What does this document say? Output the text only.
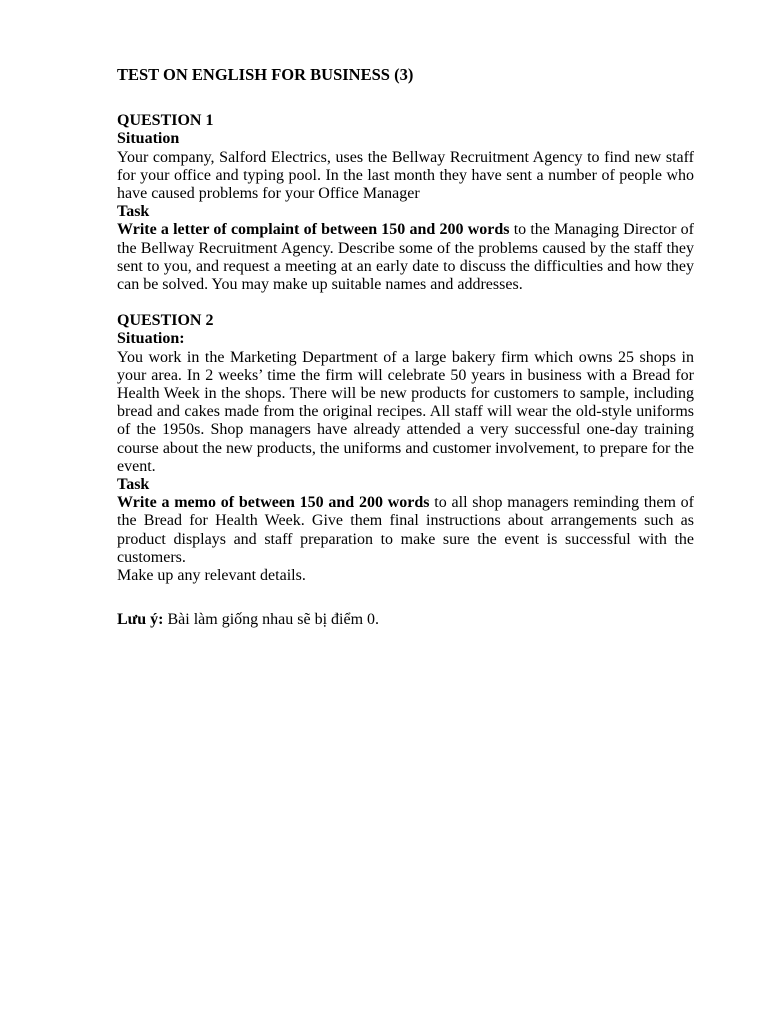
TEST ON ENGLISH FOR BUSINESS (3)
QUESTION 1
Situation

Your company, Salford Electrics, uses the Bellway Recruitment Agency to find new staff for your office and typing pool. In the last month they have sent a number of people who have caused problems for your Office Manager

Task

Write a letter of complaint of between 150 and 200 words to the Managing Director of the Bellway Recruitment Agency. Describe some of the problems caused by the staff they sent to you, and request a meeting at an early date to discuss the difficulties and how they can be solved. You may make up suitable names and addresses.

QUESTION 2
Situation:

You work in the Marketing Department of a large bakery firm which owns 25 shops in your area. In 2 weeks’ time the firm will celebrate 50 years in business with a Bread for Health Week in the shops. There will be new products for customers to sample, including bread and cakes made from the original recipes. All staff will wear the old-style uniforms of the 1950s. Shop managers have already attended a very successful one-day training course about the new products, the uniforms and customer involvement, to prepare for the event.

Task

Write a memo of between 150 and 200 words to all shop managers reminding them of the Bread for Health Week. Give them final instructions about arrangements such as product displays and staff preparation to make sure the event is successful with the customers.

Make up any relevant details.

Lưu ý: Bài làm giống nhau sẽ bị điểm 0.
